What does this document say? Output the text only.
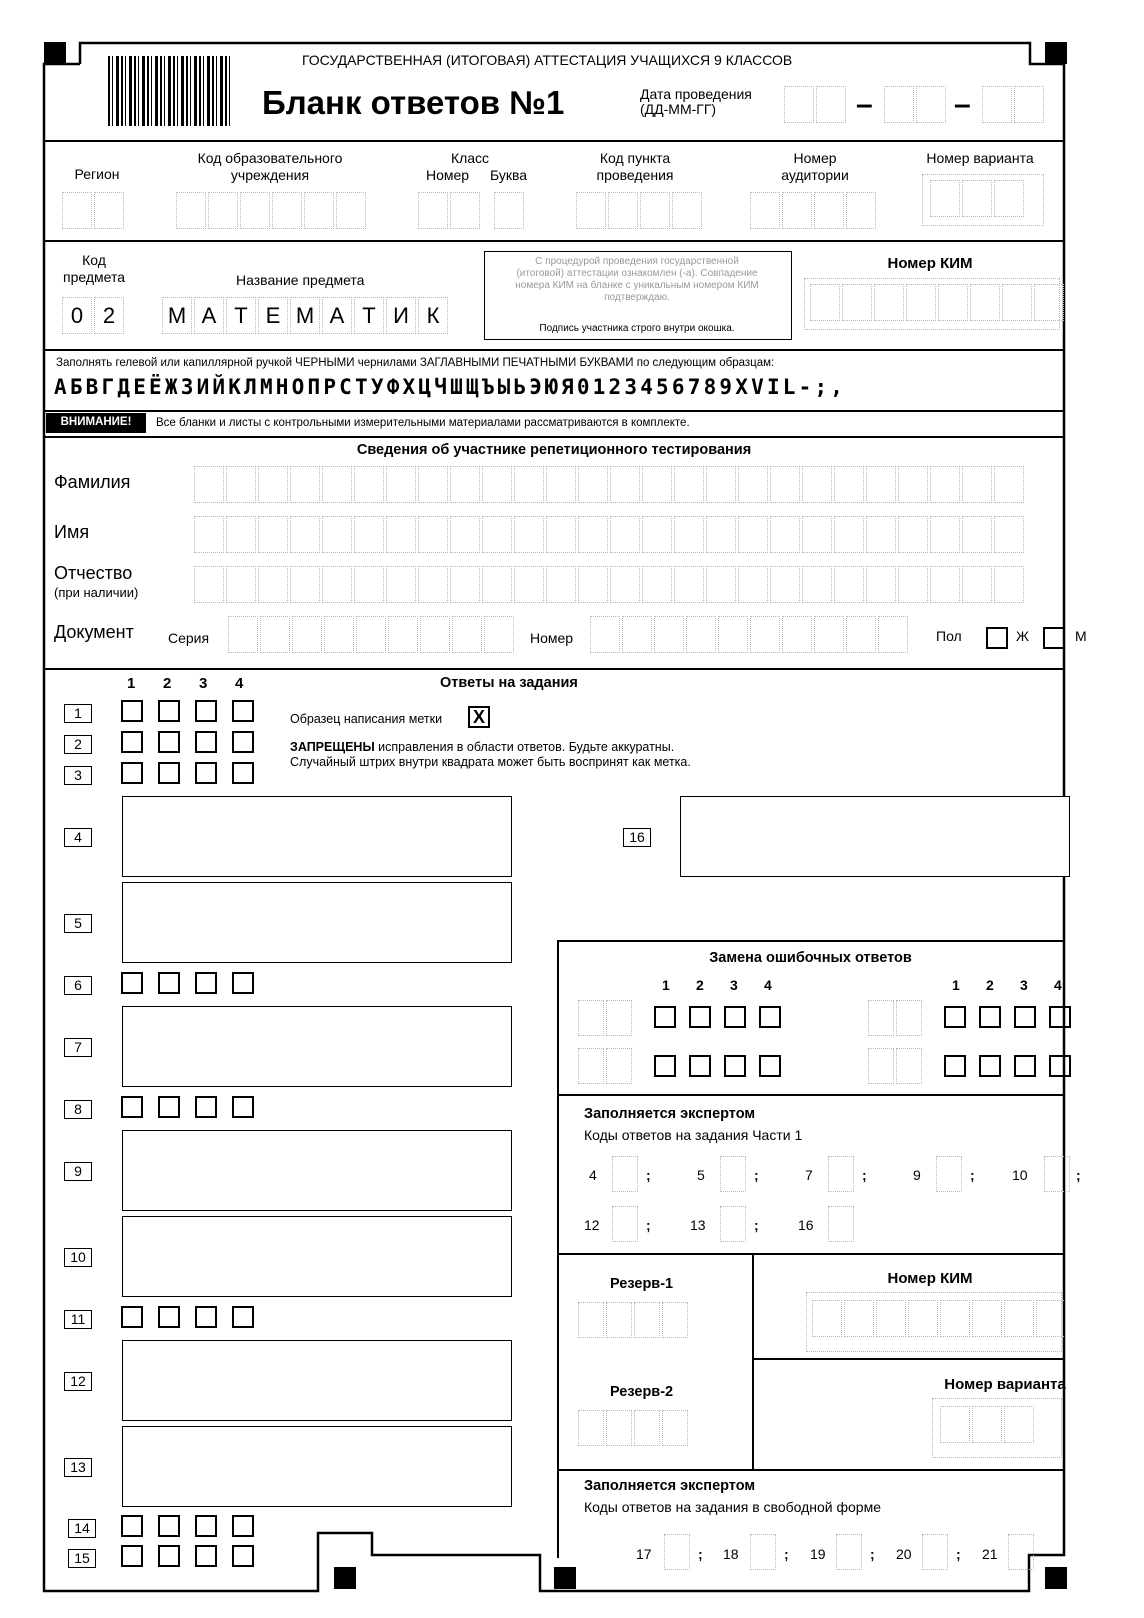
ГОСУДАРСТВЕННАЯ (ИТОГОВАЯ) АТТЕСТАЦИЯ УЧАЩИХСЯ 9 КЛАССОВ
Бланк ответов №1	Дата проведения
(ДД-ММ-ГГ)	–	–
Регион
Код образовательного учреждения
Класс
Номер Буква
Код пункта проведения
Номер аудитории
Номер варианта
Код предмета	Название предмета
0 2	М А Т Е М А Т И К
С процедурой проведения государственной (итоговой) аттестации ознакомлен (-а). Совпадение номера КИМ на бланке с уникальным номером КИМ подтверждаю.
Подпись участника строго внутри окошка.
Номер КИМ
Заполнять гелевой или капиллярной ручкой ЧЕРНЫМИ чернилами ЗАГЛАВНЫМИ ПЕЧАТНЫМИ БУКВАМИ по следующим образцам:
АБВГДЕЁЖЗИЙКЛМНОПРСТУФХЦЧШЩЪЫЬЭЮЯ0123456789XVIL-;,
ВНИМАНИЕ!	Все бланки и листы с контрольными измерительными материалами рассматриваются в комплекте.
Сведения об участнике репетиционного тестирования
Фамилия
Имя
Отчество
(при наличии)
Документ Серия	Номер	Пол	Ж	М
Ответы на задания
1 2 3 4
1
2
3
Образец написания метки X
ЗАПРЕЩЕНЫ исправления в области ответов. Будьте аккуратны.
Случайный штрих внутри квадрата может быть воспринят как метка.
4	16
5
6
7
8
9
10
11
12
13
14
15
Замена ошибочных ответов
1 2 3 4	1 2 3 4
Заполняется экспертом
Коды ответов на задания Части 1
4	;	5	;	7	;	9	;	10	;
12	;	13	;	16
Резерв-1
Резерв-2
Номер КИМ
Номер варианта
Заполняется экспертом
Коды ответов на задания в свободной форме
17	; 18	; 19	; 20	; 21
